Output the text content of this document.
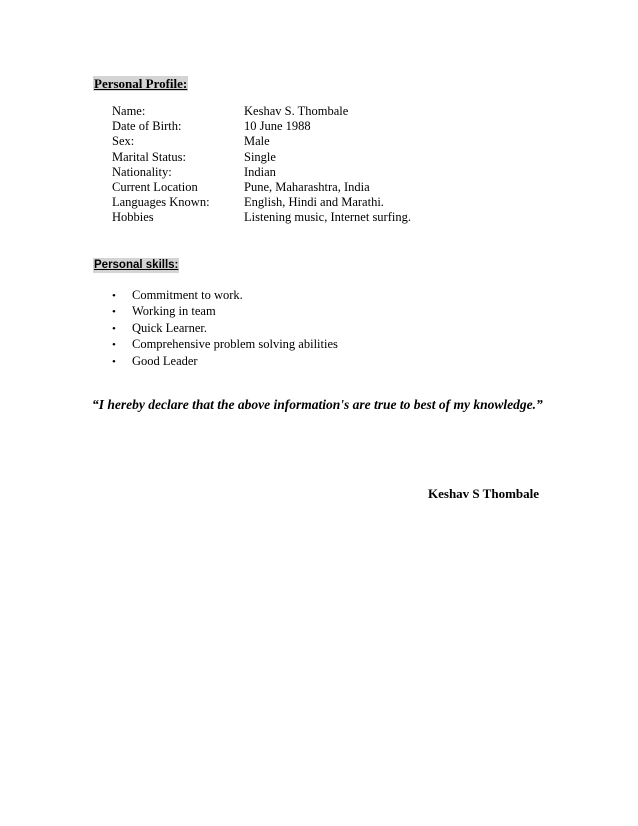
Personal Profile:
Name:	Keshav S. Thombale
Date of Birth:	10 June 1988
Sex:	Male
Marital Status:	Single
Nationality:	Indian
Current Location	Pune, Maharashtra, India
Languages Known:	English, Hindi and Marathi.
Hobbies	Listening music, Internet surfing.
Personal skills:
• Commitment to work.
• Working in team
• Quick Learner.
• Comprehensive problem solving abilities
• Good Leader
“I hereby declare that the above information's are true to best of my knowledge.”
Keshav S Thombale
